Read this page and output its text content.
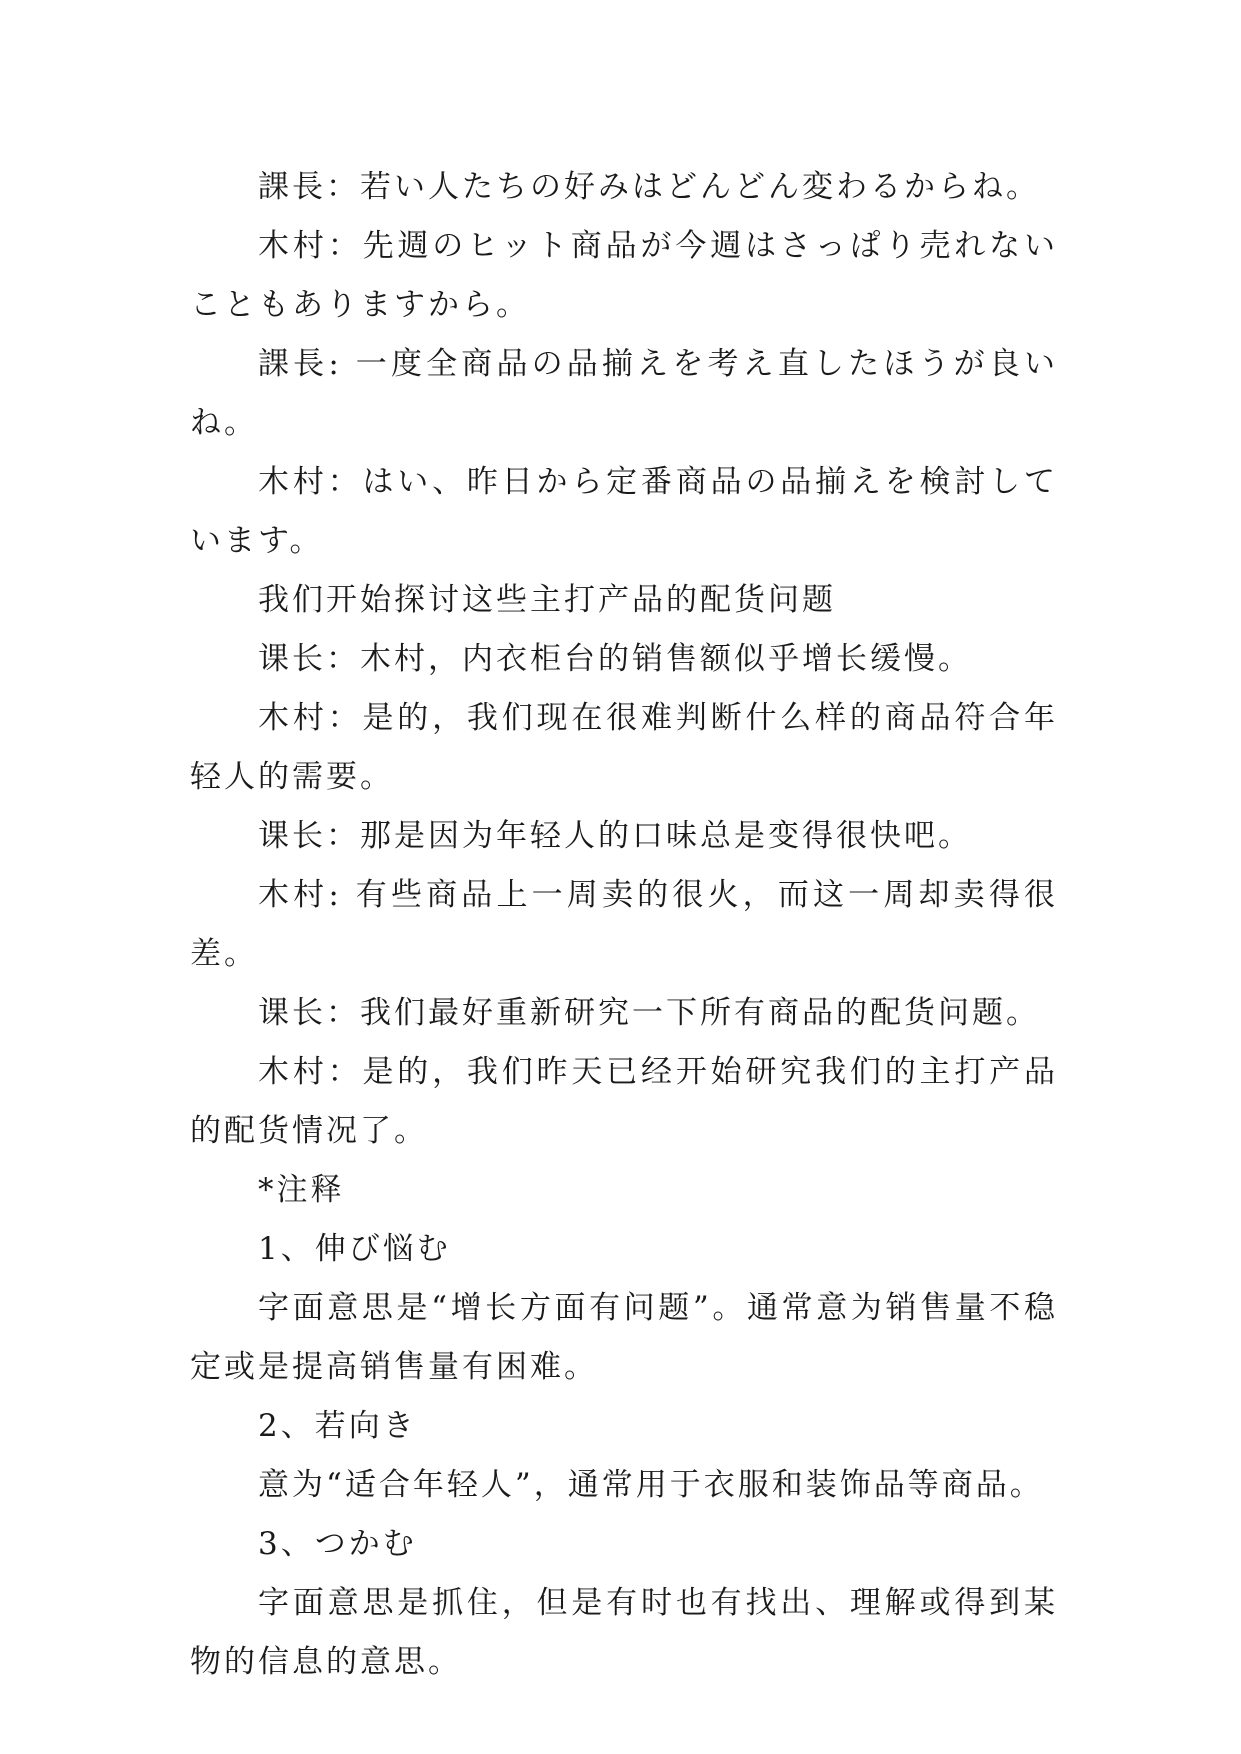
課長：若い人たちの好みはどんどん変わるからね。

木村：先週のヒット商品が今週はさっぱり売れないこともありますから。

課長: 一度全商品の品揃えを考え直したほうが良いね。

木村：はい、昨日から定番商品の品揃えを検討しています。

我们开始探讨这些主打产品的配货问题

课长：木村，内衣柜台的销售额似乎增长缓慢。

木村：是的，我们现在很难判断什么样的商品符合年轻人的需要。

课长：那是因为年轻人的口味总是变得很快吧。

木村: 有些商品上一周卖的很火，而这一周却卖得很差。

课长：我们最好重新研究一下所有商品的配货问题。

木村：是的，我们昨天已经开始研究我们的主打产品的配货情况了。

*注释

1、伸び悩む

字面意思是“增长方面有问题”。通常意为销售量不稳定或是提高销售量有困难。

2、若向き

意为“适合年轻人”，通常用于衣服和装饰品等商品。

3、つかむ

字面意思是抓住，但是有时也有找出、理解或得到某物的信息的意思。
